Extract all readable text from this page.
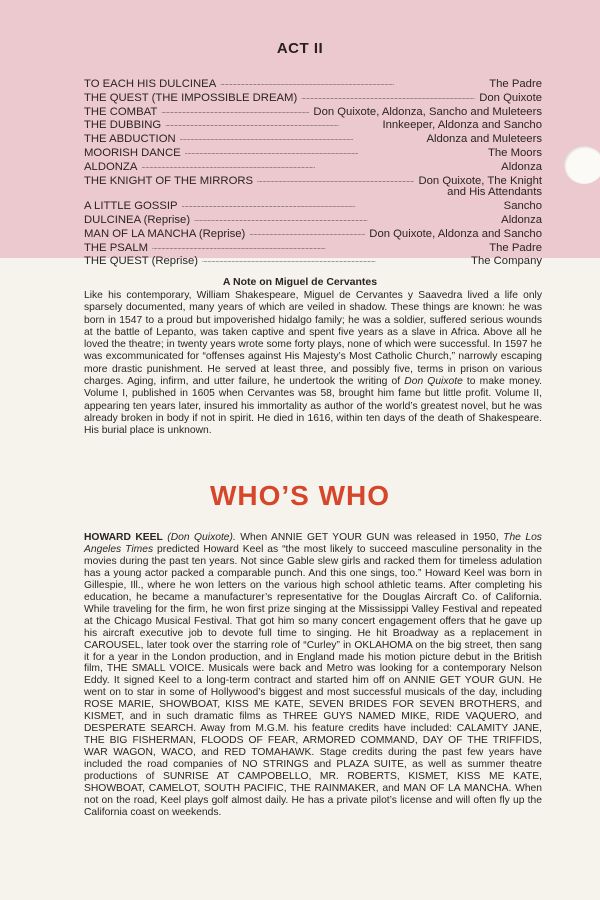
ACT II
TO EACH HIS DULCINEA . . .	The Padre
THE QUEST (THE IMPOSSIBLE DREAM) . . .	Don Quixote
THE COMBAT . . .	Don Quixote, Aldonza, Sancho and Muleteers
THE DUBBING . . .	Innkeeper, Aldonza and Sancho
THE ABDUCTION . . .	Aldonza and Muleteers
MOORISH DANCE . . .	The Moors
ALDONZA . . .	Aldonza
THE KNIGHT OF THE MIRRORS . . .	Don Quixote, The Knight
and His Attendants
A LITTLE GOSSIP . . .	Sancho
DULCINEA (Reprise) . . .	Aldonza
MAN OF LA MANCHA (Reprise) . . .	Don Quixote, Aldonza and Sancho
THE PSALM . . .	The Padre
THE QUEST (Reprise) . . .	The Company
A Note on Miguel de Cervantes
Like his contemporary, William Shakespeare, Miguel de Cervantes y Saavedra lived a life only sparsely documented, many years of which are veiled in shadow. These things are known: he was born in 1547 to a proud but impoverished hidalgo family; he was a soldier, suffered serious wounds at the battle of Lepanto, was taken captive and spent five years as a slave in Africa. Above all he loved the theatre; in twenty years wrote some forty plays, none of which were successful. In 1597 he was excommunicated for “offenses against His Majesty’s Most Catholic Church,” narrowly escaping more drastic punishment. He served at least three, and possibly five, terms in prison on various charges. Aging, infirm, and utter failure, he undertook the writing of Don Quixote to make money. Volume I, published in 1605 when Cervantes was 58, brought him fame but little profit. Volume II, appearing ten years later, insured his immortality as author of the world’s greatest novel, but he was already broken in body if not in spirit. He died in 1616, within ten days of the death of Shakespeare. His burial place is unknown.
WHO’S WHO
HOWARD KEEL (Don Quixote). When ANNIE GET YOUR GUN was released in 1950, The Los Angeles Times predicted Howard Keel as “the most likely to succeed masculine personality in the movies during the past ten years. Not since Gable slew girls and racked them for timeless adulation has a young actor packed a comparable punch. And this one sings, too.” Howard Keel was born in Gillespie, Ill., where he won letters on the various high school athletic teams. After completing his education, he became a manufacturer’s representative for the Douglas Aircraft Co. of California. While traveling for the firm, he won first prize singing at the Mississippi Valley Festival and repeated at the Chicago Musical Festival. That got him so many concert engagement offers that he gave up his aircraft executive job to devote full time to singing. He hit Broadway as a replacement in CAROUSEL, later took over the starring role of “Curley” in OKLAHOMA on the big street, then sang it for a year in the London production, and in England made his motion picture debut in the British film, THE SMALL VOICE. Musicals were back and Metro was looking for a contemporary Nelson Eddy. It signed Keel to a long-term contract and started him off on ANNIE GET YOUR GUN. He went on to star in some of Hollywood’s biggest and most successful musicals of the day, including ROSE MARIE, SHOWBOAT, KISS ME KATE, SEVEN BRIDES FOR SEVEN BROTHERS, and KISMET, and in such dramatic films as THREE GUYS NAMED MIKE, RIDE VAQUERO, and DESPERATE SEARCH. Away from M.G.M. his feature credits have included: CALAMITY JANE, THE BIG FISHERMAN, FLOODS OF FEAR, ARMORED COMMAND, DAY OF THE TRIFFIDS, WAR WAGON, WACO, and RED TOMAHAWK. Stage credits during the past few years have included the road companies of NO STRINGS and PLAZA SUITE, as well as summer theatre productions of SUNRISE AT CAMPOBELLO, MR. ROBERTS, KISMET, KISS ME KATE, SHOWBOAT, CAMELOT, SOUTH PACIFIC, THE RAINMAKER, and MAN OF LA MANCHA. When not on the road, Keel plays golf almost daily. He has a private pilot’s license and will often fly up the California coast on weekends.
